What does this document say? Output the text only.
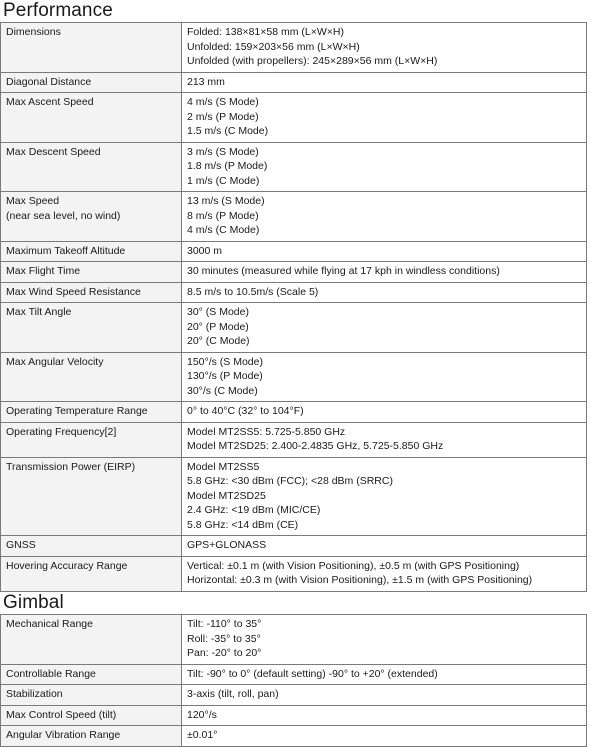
Performance
Dimensions	Folded: 138×81×58 mm (L×W×H)
Unfolded: 159×203×56 mm (L×W×H)
Unfolded (with propellers): 245×289×56 mm (L×W×H)

Diagonal Distance	213 mm

Max Ascent Speed	4 m/s (S Mode)
2 m/s (P Mode)
1.5 m/s (C Mode)

Max Descent Speed	3 m/s (S Mode)
1.8 m/s (P Mode)
1 m/s (C Mode)

Max Speed
(near sea level, no wind)	13 m/s (S Mode)
8 m/s (P Mode)
4 m/s (C Mode)

Maximum Takeoff Altitude	3000 m

Max Flight Time	30 minutes (measured while flying at 17 kph in windless conditions)

Max Wind Speed Resistance	8.5 m/s to 10.5m/s (Scale 5)

Max Tilt Angle	30° (S Mode)
20° (P Mode)
20° (C Mode)

Max Angular Velocity	150°/s (S Mode)
130°/s (P Mode)
30°/s (C Mode)

Operating Temperature Range	0° to 40°C (32° to 104°F)

Operating Frequency[2]	Model MT2SS5: 5.725-5.850 GHz
Model MT2SD25: 2.400-2.4835 GHz, 5.725-5.850 GHz

Transmission Power (EIRP)	Model MT2SS5
5.8 GHz: <30 dBm (FCC); <28 dBm (SRRC)
Model MT2SD25
2.4 GHz: <19 dBm (MIC/CE)
5.8 GHz: <14 dBm (CE)

GNSS	GPS+GLONASS

Hovering Accuracy Range	Vertical: ±0.1 m (with Vision Positioning), ±0.5 m (with GPS Positioning)
Horizontal: ±0.3 m (with Vision Positioning), ±1.5 m (with GPS Positioning)
Gimbal
Mechanical Range	Tilt: -110° to 35°
Roll: -35° to 35°
Pan: -20° to 20°

Controllable Range	Tilt: -90° to 0° (default setting) -90° to +20° (extended)

Stabilization	3-axis (tilt, roll, pan)

Max Control Speed (tilt)	120°/s

Angular Vibration Range	±0.01°
